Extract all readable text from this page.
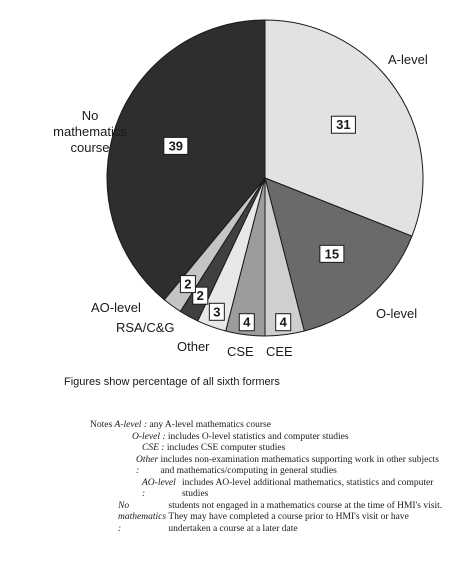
31
15
4
4
3
2
2
39
A-level
O-level
CEE
CSE
Other
RSA/C&G
AO-level
No
mathematics
course
Figures show percentage of all sixth formers
Notes A-level :
any A-level mathematics course
O-level :
includes O-level statistics and computer studies
CSE :
includes CSE computer studies
Other :

includes non-examination mathematics supporting work in other subjects and mathematics/computing in general studies
AO-level :

includes AO-level additional mathematics, statistics and computer studies
No mathematics :

students not engaged in a mathematics course at the time of HMI's visit. They may have completed a course prior to HMI's visit or have undertaken a course at a later date
